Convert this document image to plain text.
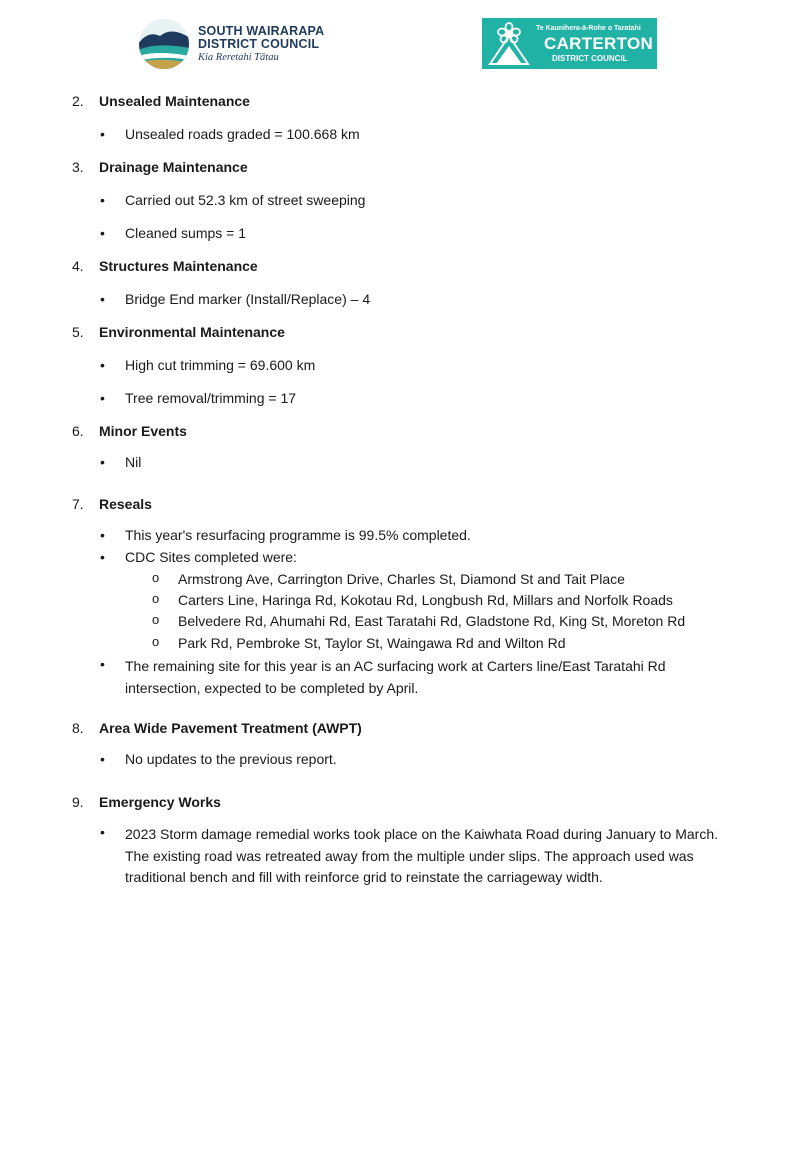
SOUTH WAIRARAPA
DISTRICT COUNCIL
Kia Reretahi Tātau
Te Kaunihera-ā-Rohe o Taratahi
CARTERTON
DISTRICT COUNCIL
2. Unsealed Maintenance
Unsealed roads graded = 100.668 km
3. Drainage Maintenance
Carried out 52.3 km of street sweeping
Cleaned sumps = 1
4. Structures Maintenance
Bridge End marker (Install/Replace) – 4
5. Environmental Maintenance
High cut trimming = 69.600 km
Tree removal/trimming = 17
6. Minor Events
Nil
7. Reseals
This year's resurfacing programme is 99.5% completed.
CDC Sites completed were:
Armstrong Ave, Carrington Drive, Charles St, Diamond St and Tait Place
Carters Line, Haringa Rd, Kokotau Rd, Longbush Rd, Millars and Norfolk Roads
Belvedere Rd, Ahumahi Rd, East Taratahi Rd, Gladstone Rd, King St, Moreton Rd
Park Rd, Pembroke St, Taylor St, Waingawa Rd and Wilton Rd
The remaining site for this year is an AC surfacing work at Carters line/East Taratahi Rd intersection, expected to be completed by April.
8. Area Wide Pavement Treatment (AWPT)
No updates to the previous report.
9. Emergency Works
2023 Storm damage remedial works took place on the Kaiwhata Road during January to March. The existing road was retreated away from the multiple under slips. The approach used was traditional bench and fill with reinforce grid to reinstate the carriageway width.
